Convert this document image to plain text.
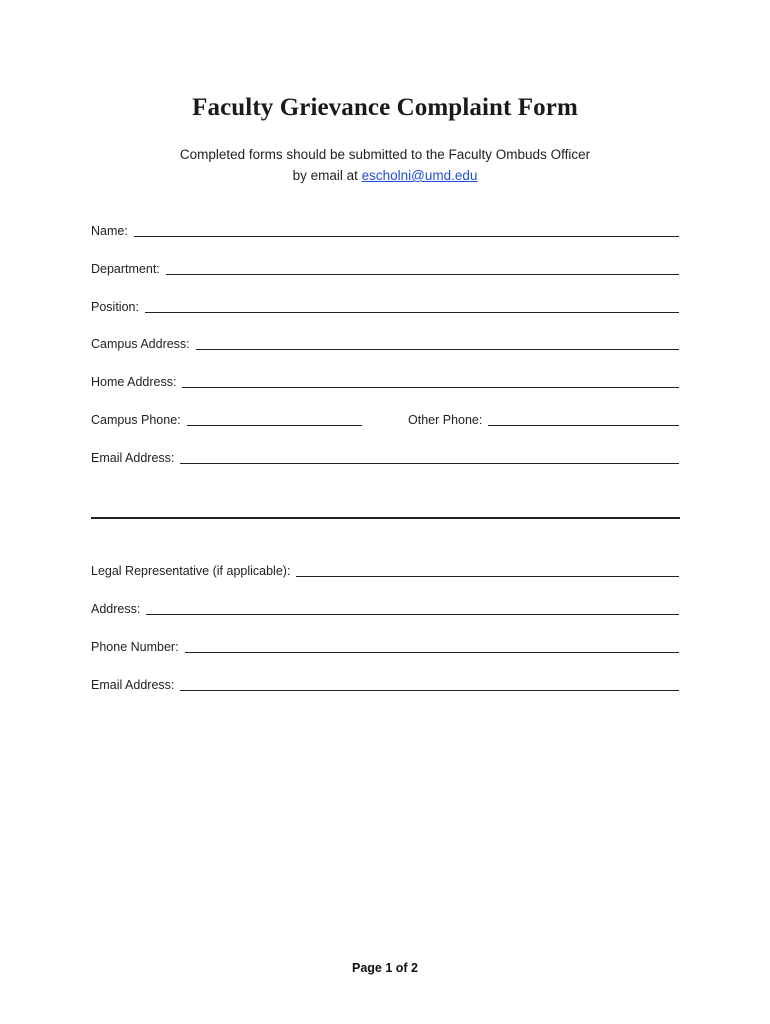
Faculty Grievance Complaint Form
Completed forms should be submitted to the Faculty Ombuds Officer
by email at escholni@umd.edu
Name:
Department:
Position:
Campus Address:
Home Address:
Campus Phone:	Other Phone:
Email Address:
Legal Representative (if applicable):
Address:
Phone Number:
Email Address:
Page 1 of 2
